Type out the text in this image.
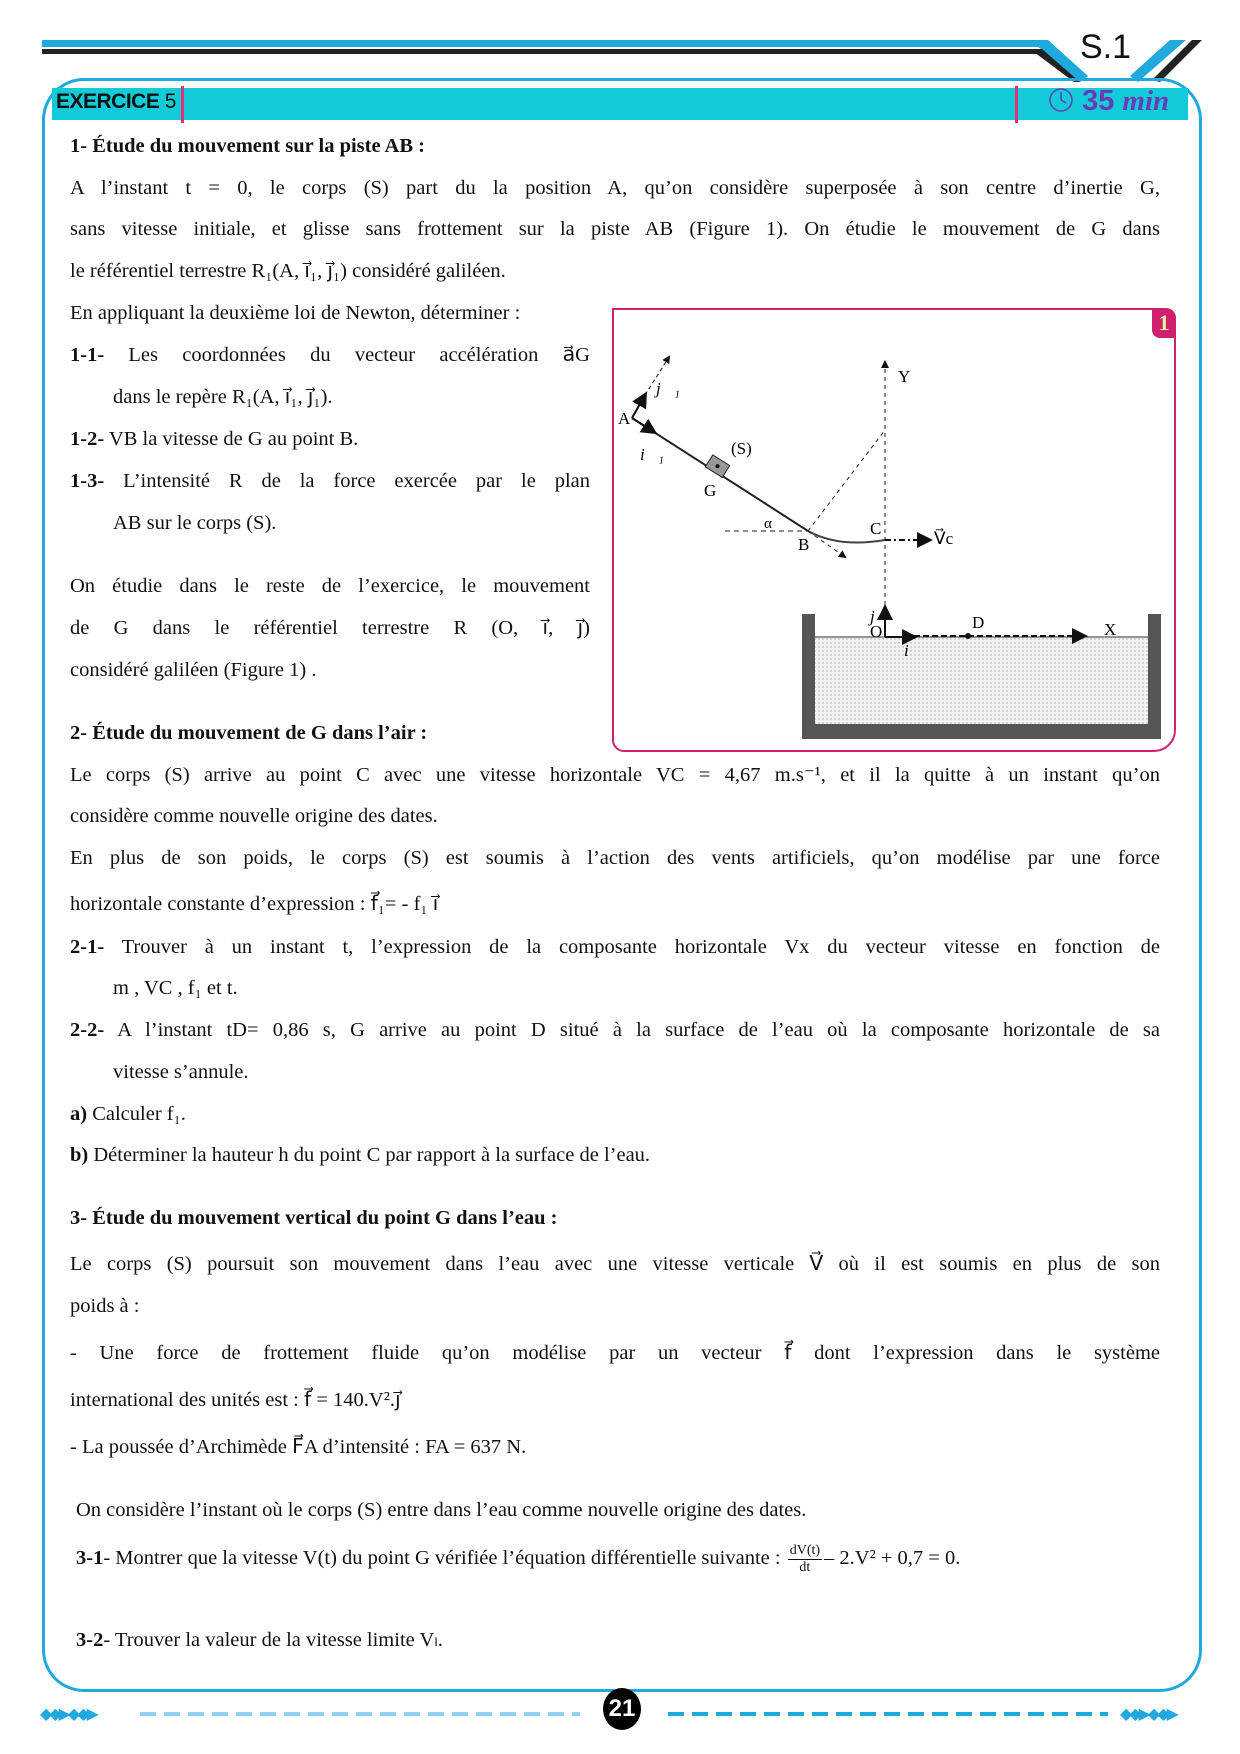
S.1
EXERCICE 5	35 min
1- Étude du mouvement sur la piste AB :
A l’instant t = 0, le corps (S) part du la position A, qu’on considère superposée à son centre d’inertie G,
sans vitesse initiale, et glisse sans frottement sur la piste AB (Figure 1). On étudie le mouvement de G dans
le référentiel terrestre R₁(A, i⃗₁, j⃗₁) considéré galiléen.
En appliquant la deuxième loi de Newton, déterminer :
1-1- Les coordonnées du vecteur accélération a⃗G
dans le repère R₁(A, i⃗₁, j⃗₁).
1-2- VB la vitesse de G au point B.
1-3- L’intensité R de la force exercée par le plan
AB sur le corps (S).
On étudie dans le reste de l’exercice, le mouvement
de G dans le référentiel terrestre R (O, i⃗, j⃗)
considéré galiléen (Figure 1) .
2- Étude du mouvement de G dans l’air :
Le corps (S) arrive au point C avec une vitesse horizontale VC = 4,67 m.s⁻¹, et il la quitte à un instant qu’on
considère comme nouvelle origine des dates.
En plus de son poids, le corps (S) est soumis à l’action des vents artificiels, qu’on modélise par une force
horizontale constante d’expression : f⃗₁= - f₁ i⃗
2-1- Trouver à un instant t, l’expression de la composante horizontale Vx du vecteur vitesse en fonction de
m , VC , f₁ et t.
2-2- A l’instant tD= 0,86 s, G arrive au point D situé à la surface de l’eau où la composante horizontale de sa
vitesse s’annule.
a) Calculer f₁.
b) Déterminer la hauteur h du point C par rapport à la surface de l’eau.
3- Étude du mouvement vertical du point G dans l’eau :
Le corps (S) poursuit son mouvement dans l’eau avec une vitesse verticale V⃗ où il est soumis en plus de son
poids à :
- Une force de frottement fluide qu’on modélise par un vecteur f⃗ dont l’expression dans le système
international des unités est : f⃗ = 140.V².j⃗
- La poussée d’Archimède F⃗A d’intensité : FA = 637 N.
On considère l’instant où le corps (S) entre dans l’eau comme nouvelle origine des dates.
3-2- Trouver la valeur de la vitesse limite Vₗ.
3-1- Montrer que la vitesse V(t) du point G vérifiée l’équation différentielle suivante : $\frac{dV(t)}{dt} - 2.V^2 + 0,7 = 0$.
1
A
j⃗₁
i⃗₁	(S)
G
α
B
C
V⃗c
Y
j⃗
O
i⃗
D	X
◆◆▶◆◆▶	21	◆◆▶◆◆▶
